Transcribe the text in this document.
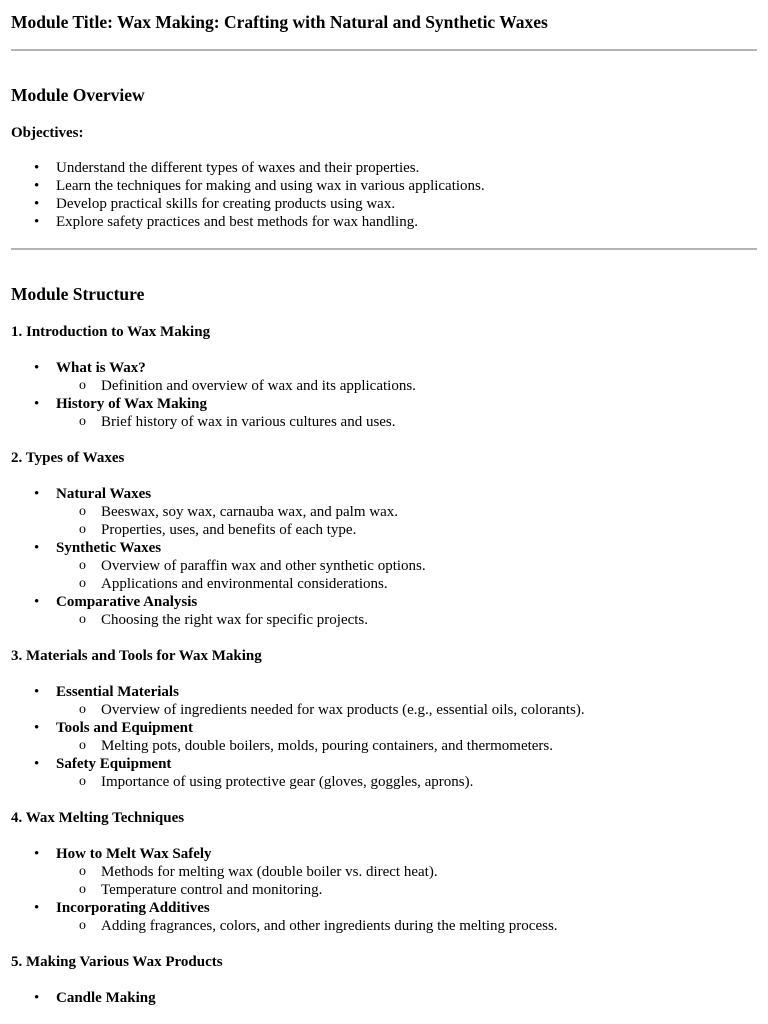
Module Title: Wax Making: Crafting with Natural and Synthetic Waxes
Module Overview
Objectives:
• Understand the different types of waxes and their properties.
• Learn the techniques for making and using wax in various applications.
• Develop practical skills for creating products using wax.
• Explore safety practices and best methods for wax handling.
Module Structure
1. Introduction to Wax Making
• What is Wax?
o Definition and overview of wax and its applications.
• History of Wax Making
o Brief history of wax in various cultures and uses.
2. Types of Waxes
• Natural Waxes
o Beeswax, soy wax, carnauba wax, and palm wax.
o Properties, uses, and benefits of each type.
• Synthetic Waxes
o Overview of paraffin wax and other synthetic options.
o Applications and environmental considerations.
• Comparative Analysis
o Choosing the right wax for specific projects.
3. Materials and Tools for Wax Making
• Essential Materials
o Overview of ingredients needed for wax products (e.g., essential oils, colorants).
• Tools and Equipment
o Melting pots, double boilers, molds, pouring containers, and thermometers.
• Safety Equipment
o Importance of using protective gear (gloves, goggles, aprons).
4. Wax Melting Techniques
• How to Melt Wax Safely
o Methods for melting wax (double boiler vs. direct heat).
o Temperature control and monitoring.
• Incorporating Additives
o Adding fragrances, colors, and other ingredients during the melting process.
5. Making Various Wax Products
• Candle Making
